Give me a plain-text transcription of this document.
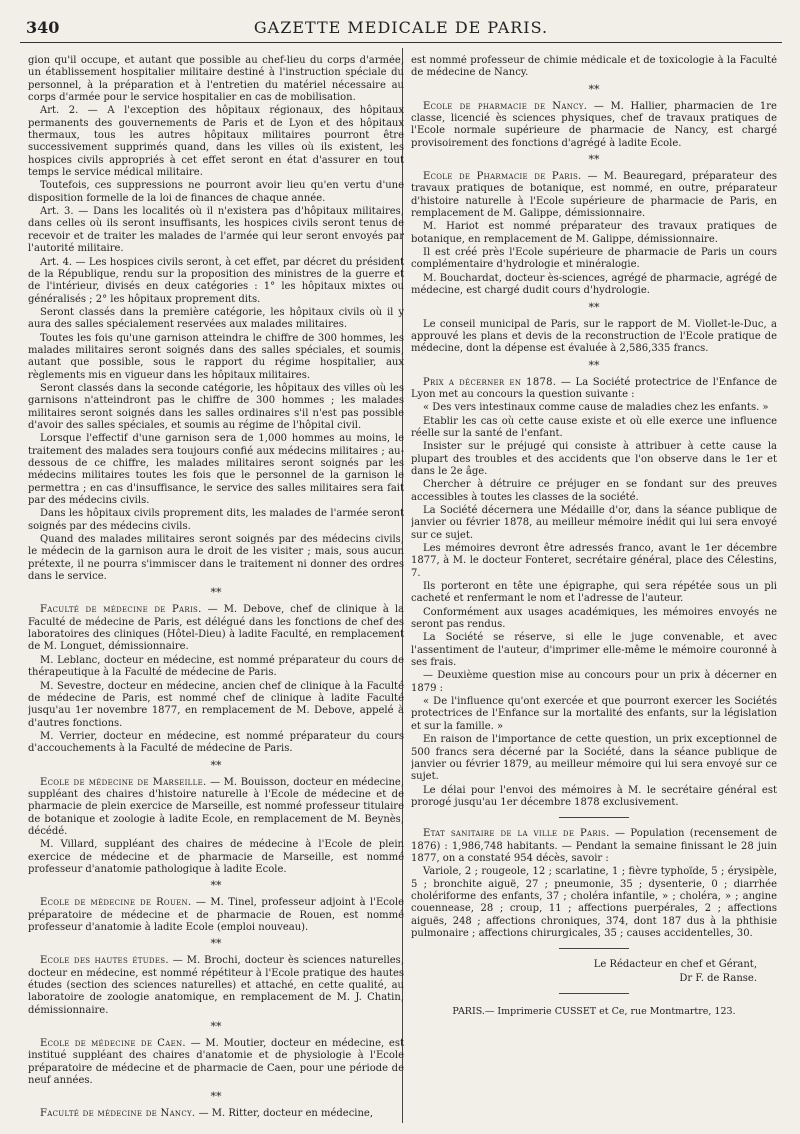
340	GAZETTE MEDICALE DE PARIS.

gion qu'il occupe, et autant que possible au chef-lieu du corps d'armée, un établissement hospitalier militaire destiné à l'instruction spéciale du personnel, à la préparation et à l'entretien du matériel nécessaire au corps d'armée pour le service hospitalier en cas de mobilisation.

Art. 2. — A l'exception des hôpitaux régionaux, des hôpitaux permanents des gouvernements de Paris et de Lyon et des hôpitaux thermaux, tous les autres hôpitaux militaires pourront être successivement supprimés quand, dans les villes où ils existent, les hospices civils appropriés à cet effet seront en état d'assurer en tout temps le service médical militaire.

Toutefois, ces suppressions ne pourront avoir lieu qu'en vertu d'une disposition formelle de la loi de finances de chaque année.

Art. 3. — Dans les localités où il n'existera pas d'hôpitaux militaires, dans celles où ils seront insuffisants, les hospices civils seront tenus de recevoir et de traiter les malades de l'armée qui leur seront envoyés par l'autorité militaire.

Art. 4. — Les hospices civils seront, à cet effet, par décret du président de la République, rendu sur la proposition des ministres de la guerre et de l'intérieur, divisés en deux catégories : 1° les hôpitaux mixtes ou généralisés ; 2° les hôpitaux proprement dits.

Seront classés dans la première catégorie, les hôpitaux civils où il y aura des salles spécialement reservées aux malades militaires.

Toutes les fois qu'une garnison atteindra le chiffre de 300 hommes, les malades militaires seront soignés dans des salles spéciales, et soumis, autant que possible, sous le rapport du régime hospitalier, aux règlements mis en vigueur dans les hôpitaux militaires.

Seront classés dans la seconde catégorie, les hôpitaux des villes où les garnisons n'atteindront pas le chiffre de 300 hommes ; les malades militaires seront soignés dans les salles ordinaires s'il n'est pas possible d'avoir des salles spéciales, et soumis au régime de l'hôpital civil.

Lorsque l'effectif d'une garnison sera de 1,000 hommes au moins, le traitement des malades sera toujours confié aux médecins militaires ; au-dessous de ce chiffre, les malades militaires seront soignés par les médecins militaires toutes les fois que le personnel de la garnison le permettra ; en cas d'insuffisance, le service des salles militaires sera fait par des médecins civils.

Dans les hôpitaux civils proprement dits, les malades de l'armée seront soignés par des médecins civils.

Quand des malades militaires seront soignés par des médecins civils, le médecin de la garnison aura le droit de les visiter ; mais, sous aucun prétexte, il ne pourra s'immiscer dans le traitement ni donner des ordres dans le service.

**

Faculté de médecine de Paris. — M. Debove, chef de clinique à la Faculté de médecine de Paris, est délégué dans les fonctions de chef des laboratoires des cliniques (Hôtel-Dieu) à ladite Faculté, en remplacement de M. Longuet, démissionnaire.

M. Leblanc, docteur en médecine, est nommé préparateur du cours de thérapeutique à la Faculté de médecine de Paris.

M. Sevestre, docteur en médecine, ancien chef de clinique à la Faculté de médecine de Paris, est nommé chef de clinique à ladite Faculté jusqu'au 1er novembre 1877, en remplacement de M. Debove, appelé à d'autres fonctions.

M. Verrier, docteur en médecine, est nommé préparateur du cours d'accouchements à la Faculté de médecine de Paris.

**

Ecole de médecine de Marseille. — M. Bouisson, docteur en médecine, suppléant des chaires d'histoire naturelle à l'Ecole de médecine et de pharmacie de plein exercice de Marseille, est nommé professeur titulaire de botanique et zoologie à ladite Ecole, en remplacement de M. Beynès, décédé.

M. Villard, suppléant des chaires de médecine à l'Ecole de plein exercice de médecine et de pharmacie de Marseille, est nommé professeur d'anatomie pathologique à ladite Ecole.

**

Ecole de médecine de Rouen. — M. Tinel, professeur adjoint à l'Ecole préparatoire de médecine et de pharmacie de Rouen, est nommé professeur d'anatomie à ladite Ecole (emploi nouveau).

**

Ecole des hautes études. — M. Brochi, docteur ès sciences naturelles, docteur en médecine, est nommé répétiteur à l'Ecole pratique des hautes études (section des sciences naturelles) et attaché, en cette qualité, au laboratoire de zoologie anatomique, en remplacement de M. J. Chatin, démissionnaire.

**

Ecole de médecine de Caen. — M. Moutier, docteur en médecine, est institué suppléant des chaires d'anatomie et de physiologie à l'Ecole préparatoire de médecine et de pharmacie de Caen, pour une période de neuf années.

**

Faculté de médecine de Nancy. — M. Ritter, docteur en médecine,

est nommé professeur de chimie médicale et de toxicologie à la Faculté de médecine de Nancy.

**

Ecole de pharmacie de Nancy. — M. Hallier, pharmacien de 1re classe, licencié ès sciences physiques, chef de travaux pratiques de l'Ecole normale supérieure de pharmacie de Nancy, est chargé provisoirement des fonctions d'agrégé à ladite Ecole.

**

Ecole de Pharmacie de Paris. — M. Beauregard, préparateur des travaux pratiques de botanique, est nommé, en outre, préparateur d'histoire naturelle à l'Ecole supérieure de pharmacie de Paris, en remplacement de M. Galippe, démissionnaire.

M. Hariot est nommé préparateur des travaux pratiques de botanique, en remplacement de M. Galippe, démissionnaire.

Il est créé près l'Ecole supérieure de pharmacie de Paris un cours complémentaire d'hydrologie et minéralogie.

M. Bouchardat, docteur ès-sciences, agrégé de pharmacie, agrégé de médecine, est chargé dudit cours d'hydrologie.

**

Le conseil municipal de Paris, sur le rapport de M. Viollet-le-Duc, a approuvé les plans et devis de la reconstruction de l'Ecole pratique de médecine, dont la dépense est évaluée à 2,586,335 francs.

**

Prix a décerner en 1878. — La Société protectrice de l'Enfance de Lyon met au concours la question suivante :

« Des vers intestinaux comme cause de maladies chez les enfants. »

Etablir les cas où cette cause existe et où elle exerce une influence réelle sur la santé de l'enfant.

Insister sur le préjugé qui consiste à attribuer à cette cause la plupart des troubles et des accidents que l'on observe dans le 1er et dans le 2e âge.

Chercher à détruire ce préjuger en se fondant sur des preuves accessibles à toutes les classes de la société.

La Société décernera une Médaille d'or, dans la séance publique de janvier ou février 1878, au meilleur mémoire inédit qui lui sera envoyé sur ce sujet.

Les mémoires devront être adressés franco, avant le 1er décembre 1877, à M. le docteur Fonteret, secrétaire général, place des Célestins, 7.

Ils porteront en tête une épigraphe, qui sera répétée sous un pli cacheté et renfermant le nom et l'adresse de l'auteur.

Conformément aux usages académiques, les mémoires envoyés ne seront pas rendus.

La Société se réserve, si elle le juge convenable, et avec l'assentiment de l'auteur, d'imprimer elle-même le mémoire couronné à ses frais.

— Deuxième question mise au concours pour un prix à décerner en 1879 :

« De l'influence qu'ont exercée et que pourront exercer les Sociétés protectrices de l'Enfance sur la mortalité des enfants, sur la législation et sur la famille. »

En raison de l'importance de cette question, un prix exceptionnel de 500 francs sera décerné par la Société, dans la séance publique de janvier ou février 1879, au meilleur mémoire qui lui sera envoyé sur ce sujet.

Le délai pour l'envoi des mémoires à M. le secrétaire général est prorogé jusqu'au 1er décembre 1878 exclusivement.

Etat sanitaire de la ville de Paris. — Population (recensement de 1876) : 1,986,748 habitants. — Pendant la semaine finissant le 28 juin 1877, on a constaté 954 décès, savoir :

Variole, 2 ; rougeole, 12 ; scarlatine, 1 ; fièvre typhoïde, 5 ; érysipèle, 5 ; bronchite aiguë, 27 ; pneumonie, 35 ; dysenterie, 0 ; diarrhée cholériforme des enfants, 37 ; choléra infantile, » ; choléra, » ; angine couennease, 28 ; croup, 11 ; affections puerpérales, 2 ; affections aiguës, 248 ; affections chroniques, 374, dont 187 dus à la phthisie pulmonaire ; affections chirurgicales, 35 ; causes accidentelles, 30.

Le Rédacteur en chef et Gérant,

Dr F. de Ranse.

PARIS.— Imprimerie CUSSET et Ce, rue Montmartre, 123.
